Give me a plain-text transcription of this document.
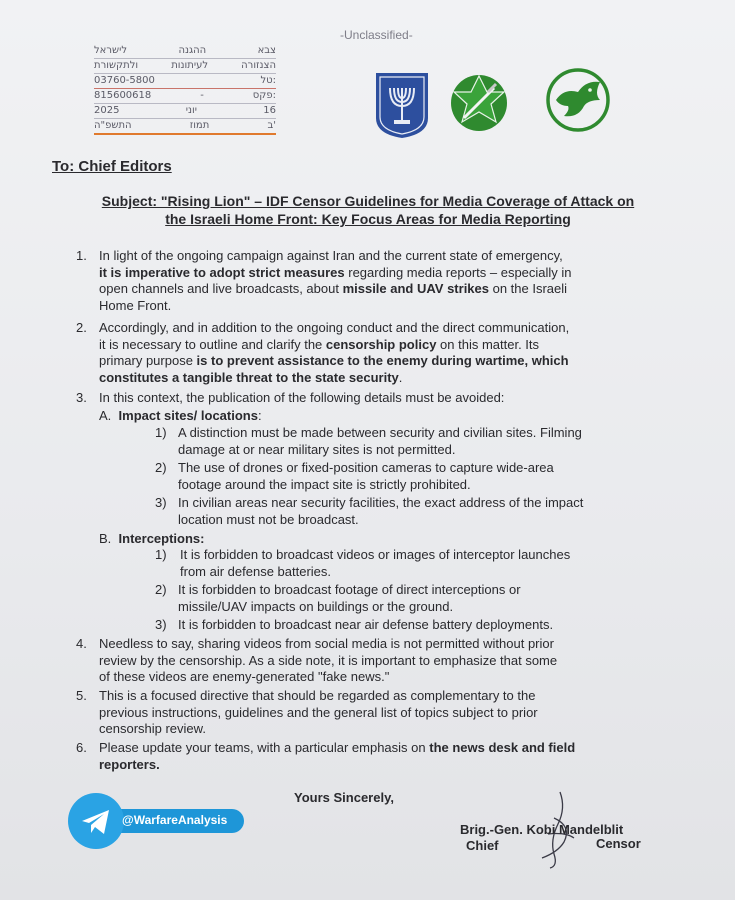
-Unclassified-
לישראל	ההגנה	צבא
ולתקשורת	לעיתונות	הצנזורה
03760-5800	טל:
815600618	-	פקס:
2025	יוני	16
התשפ"ה	תמוז	ב'
To: Chief Editors
Subject: "Rising Lion" – IDF Censor Guidelines for Media Coverage of Attack on
the Israeli Home Front: Key Focus Areas for Media Reporting
1. In light of the ongoing campaign against Iran and the current state of emergency,
it is imperative to adopt strict measures regarding media reports – especially in
open channels and live broadcasts, about missile and UAV strikes on the Israeli
Home Front.
2. Accordingly, and in addition to the ongoing conduct and the direct communication,
it is necessary to outline and clarify the censorship policy on this matter. Its
primary purpose is to prevent assistance to the enemy during wartime, which
constitutes a tangible threat to the state security.
3. In this context, the publication of the following details must be avoided:
A. Impact sites/ locations:
1) A distinction must be made between security and civilian sites. Filming
damage at or near military sites is not permitted.
2) The use of drones or fixed-position cameras to capture wide-area
footage around the impact site is strictly prohibited.
3) In civilian areas near security facilities, the exact address of the impact
location must not be broadcast.
B. Interceptions:
1) It is forbidden to broadcast videos or images of interceptor launches
from air defense batteries.
2) It is forbidden to broadcast footage of direct interceptions or
missile/UAV impacts on buildings or the ground.
3) It is forbidden to broadcast near air defense battery deployments.
4. Needless to say, sharing videos from social media is not permitted without prior
review by the censorship. As a side note, it is important to emphasize that some
of these videos are enemy-generated "fake news."
5. This is a focused directive that should be regarded as complementary to the
previous instructions, guidelines and the general list of topics subject to prior
censorship review.
6. Please update your teams, with a particular emphasis on the news desk and field
reporters.
Yours Sincerely,
Brig.-Gen. Kobi Mandelblit
Chief	Censor
@WarfareAnalysis
